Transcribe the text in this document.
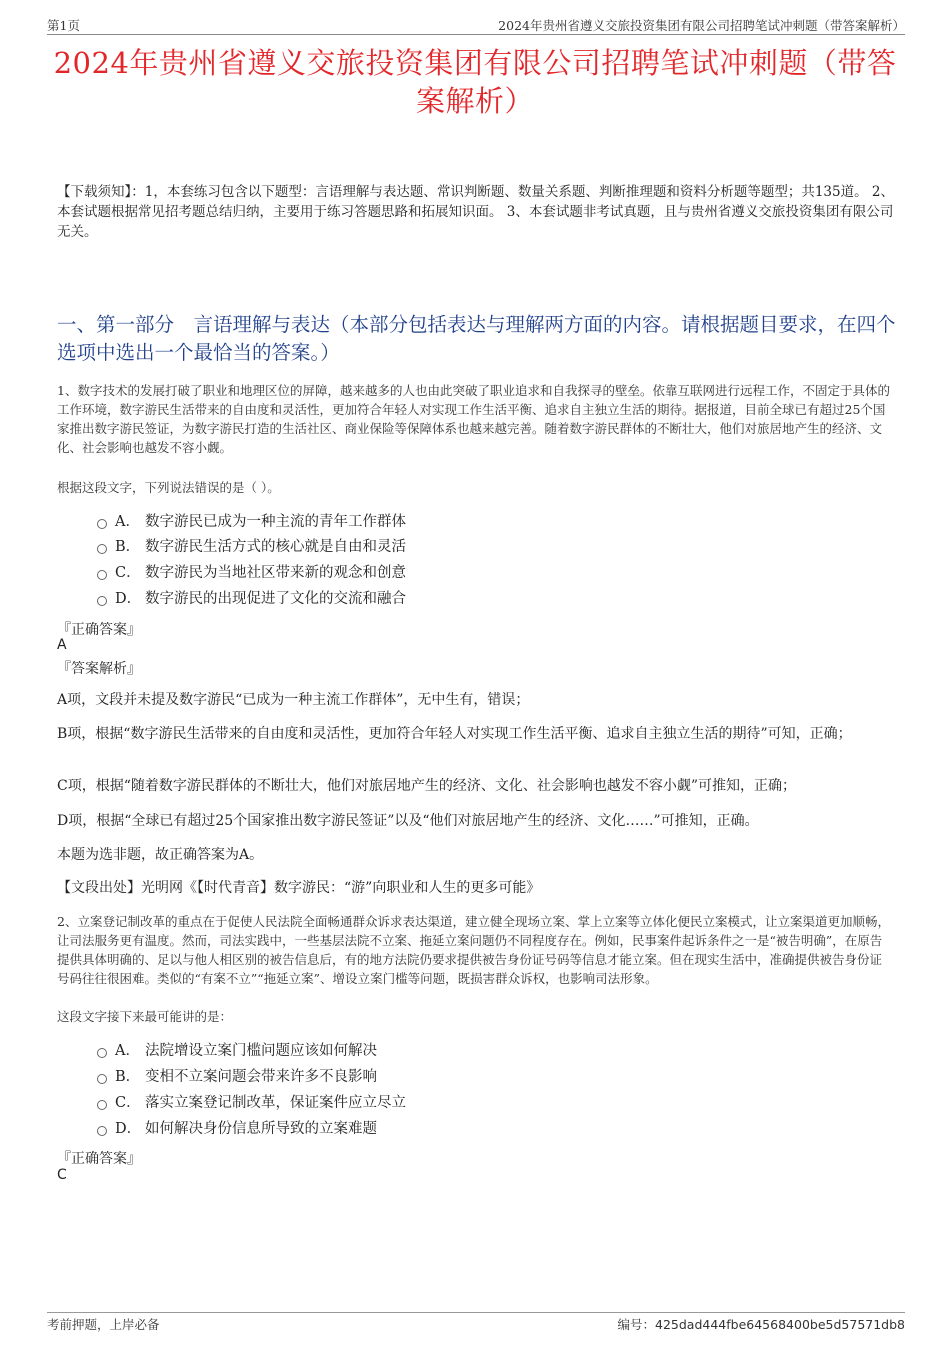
第1页	2024年贵州省遵义交旅投资集团有限公司招聘笔试冲刺题（带答案解析）
2024年贵州省遵义交旅投资集团有限公司招聘笔试冲刺题（带答案解析）
【下载须知】：1，本套练习包含以下题型：言语理解与表达题、常识判断题、数量关系题、判断推理题和资料分析题等题型；共135道。 2、本套试题根据常见招考题总结归纳，主要用于练习答题思路和拓展知识面。 3、本套试题非考试真题，且与贵州省遵义交旅投资集团有限公司无关。
一、第一部分　言语理解与表达（本部分包括表达与理解两方面的内容。请根据题目要求，在四个选项中选出一个最恰当的答案。）
1、数字技术的发展打破了职业和地理区位的屏障，越来越多的人也由此突破了职业追求和自我探寻的壁垒。依靠互联网进行远程工作，不固定于具体的工作环境，数字游民生活带来的自由度和灵活性，更加符合年轻人对实现工作生活平衡、追求自主独立生活的期待。据报道，目前全球已有超过25个国家推出数字游民签证，为数字游民打造的生活社区、商业保险等保障体系也越来越完善。随着数字游民群体的不断壮大，他们对旅居地产生的经济、文化、社会影响也越发不容小觑。
根据这段文字，下列说法错误的是（ ）。
A． 数字游民已成为一种主流的青年工作群体
B． 数字游民生活方式的核心就是自由和灵活
C． 数字游民为当地社区带来新的观念和创意
D． 数字游民的出现促进了文化的交流和融合
『正确答案』
A
『答案解析』
A项，文段并未提及数字游民“已成为一种主流工作群体”，无中生有，错误；
B项，根据“数字游民生活带来的自由度和灵活性，更加符合年轻人对实现工作生活平衡、追求自主独立生活的期待”可知，正确；
C项，根据“随着数字游民群体的不断壮大，他们对旅居地产生的经济、文化、社会影响也越发不容小觑”可推知，正确；
D项，根据“全球已有超过25个国家推出数字游民签证”以及“他们对旅居地产生的经济、文化……”可推知，正确。
本题为选非题，故正确答案为A。
【文段出处】光明网《【时代青音】数字游民：“游”向职业和人生的更多可能》
2、立案登记制改革的重点在于促使人民法院全面畅通群众诉求表达渠道，建立健全现场立案、掌上立案等立体化便民立案模式，让立案渠道更加顺畅，让司法服务更有温度。然而，司法实践中，一些基层法院不立案、拖延立案问题仍不同程度存在。例如，民事案件起诉条件之一是“被告明确”，在原告提供具体明确的、足以与他人相区别的被告信息后，有的地方法院仍要求提供被告身份证号码等信息才能立案。但在现实生活中，准确提供被告身份证号码往往很困难。类似的“有案不立”“拖延立案”、增设立案门槛等问题，既损害群众诉权，也影响司法形象。
这段文字接下来最可能讲的是：
A． 法院增设立案门槛问题应该如何解决
B． 变相不立案问题会带来许多不良影响
C． 落实立案登记制改革，保证案件应立尽立
D． 如何解决身份信息所导致的立案难题
『正确答案』
C
考前押题，上岸必备	编号：425dad444fbe64568400be5d57571db8
